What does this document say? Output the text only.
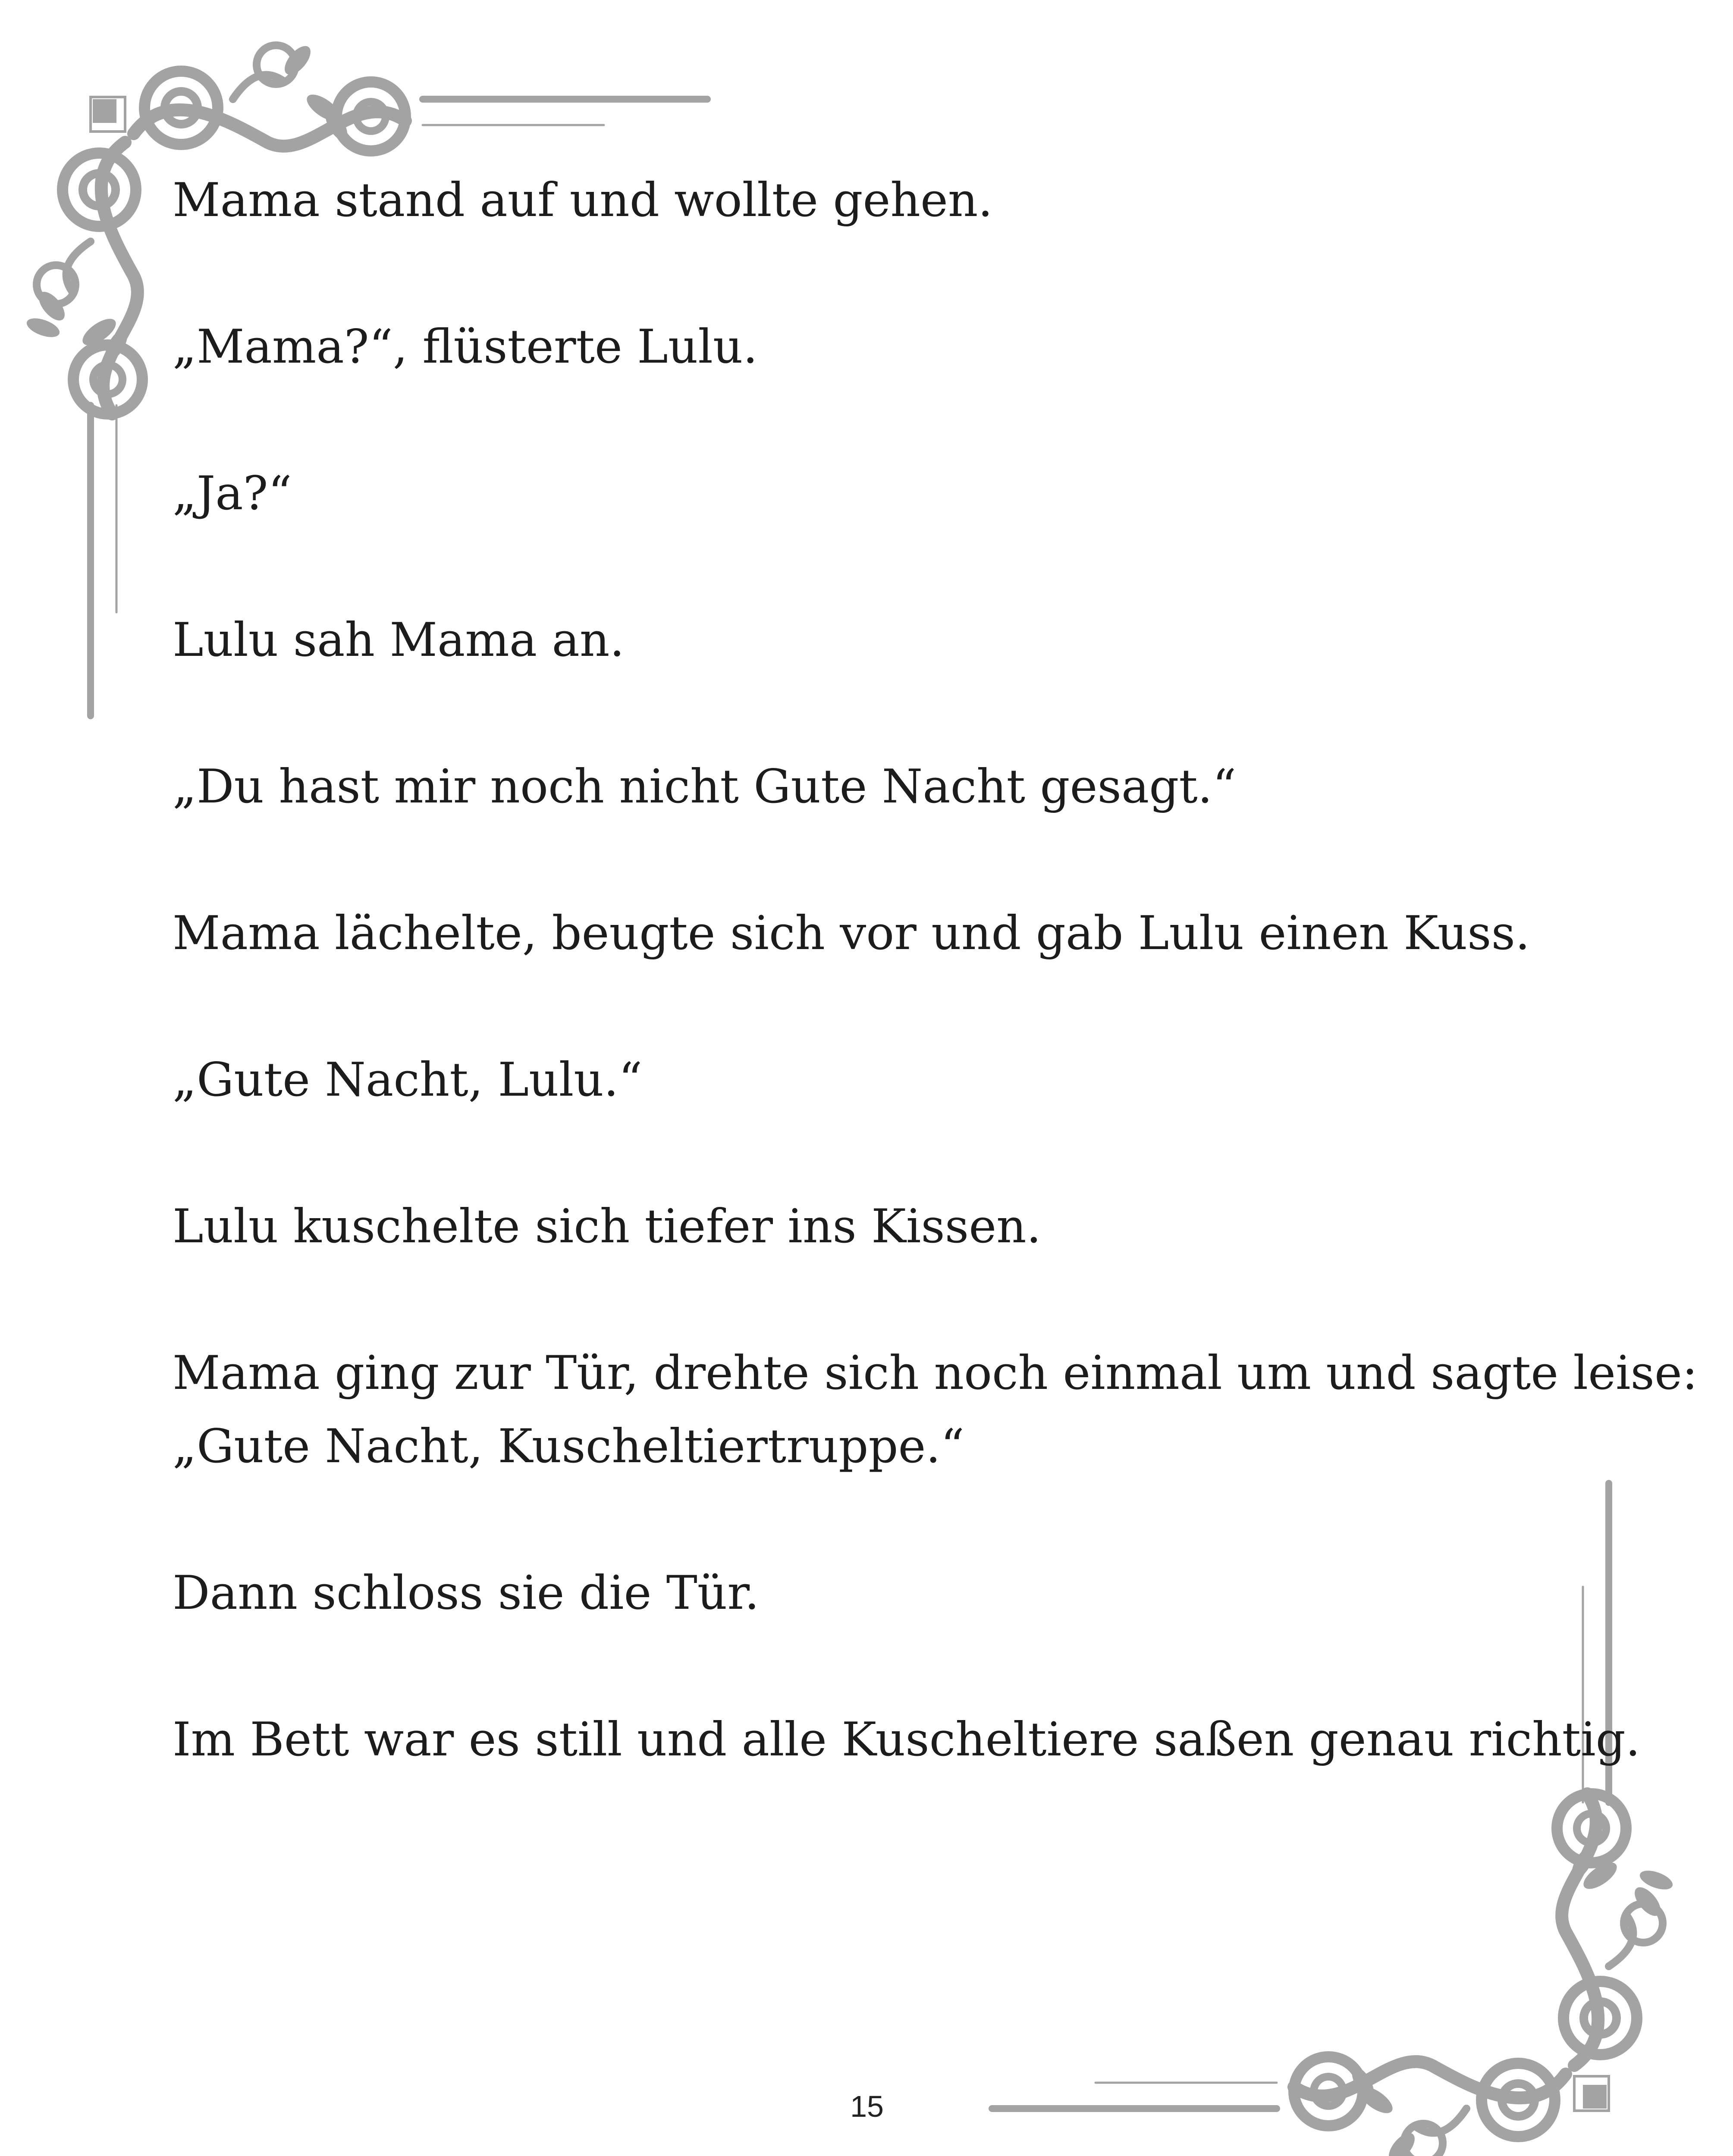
Mama stand auf und wollte gehen.

„Mama?“, flüsterte Lulu.

„Ja?“

Lulu sah Mama an.

„Du hast mir noch nicht Gute Nacht gesagt.“

Mama lächelte, beugte sich vor und gab Lulu einen Kuss.

„Gute Nacht, Lulu.“

Lulu kuschelte sich tiefer ins Kissen.

Mama ging zur Tür, drehte sich noch einmal um und sagte leise:

„Gute Nacht, Kuscheltiertruppe.“

Dann schloss sie die Tür.

Im Bett war es still und alle Kuscheltiere saßen genau richtig.

15
